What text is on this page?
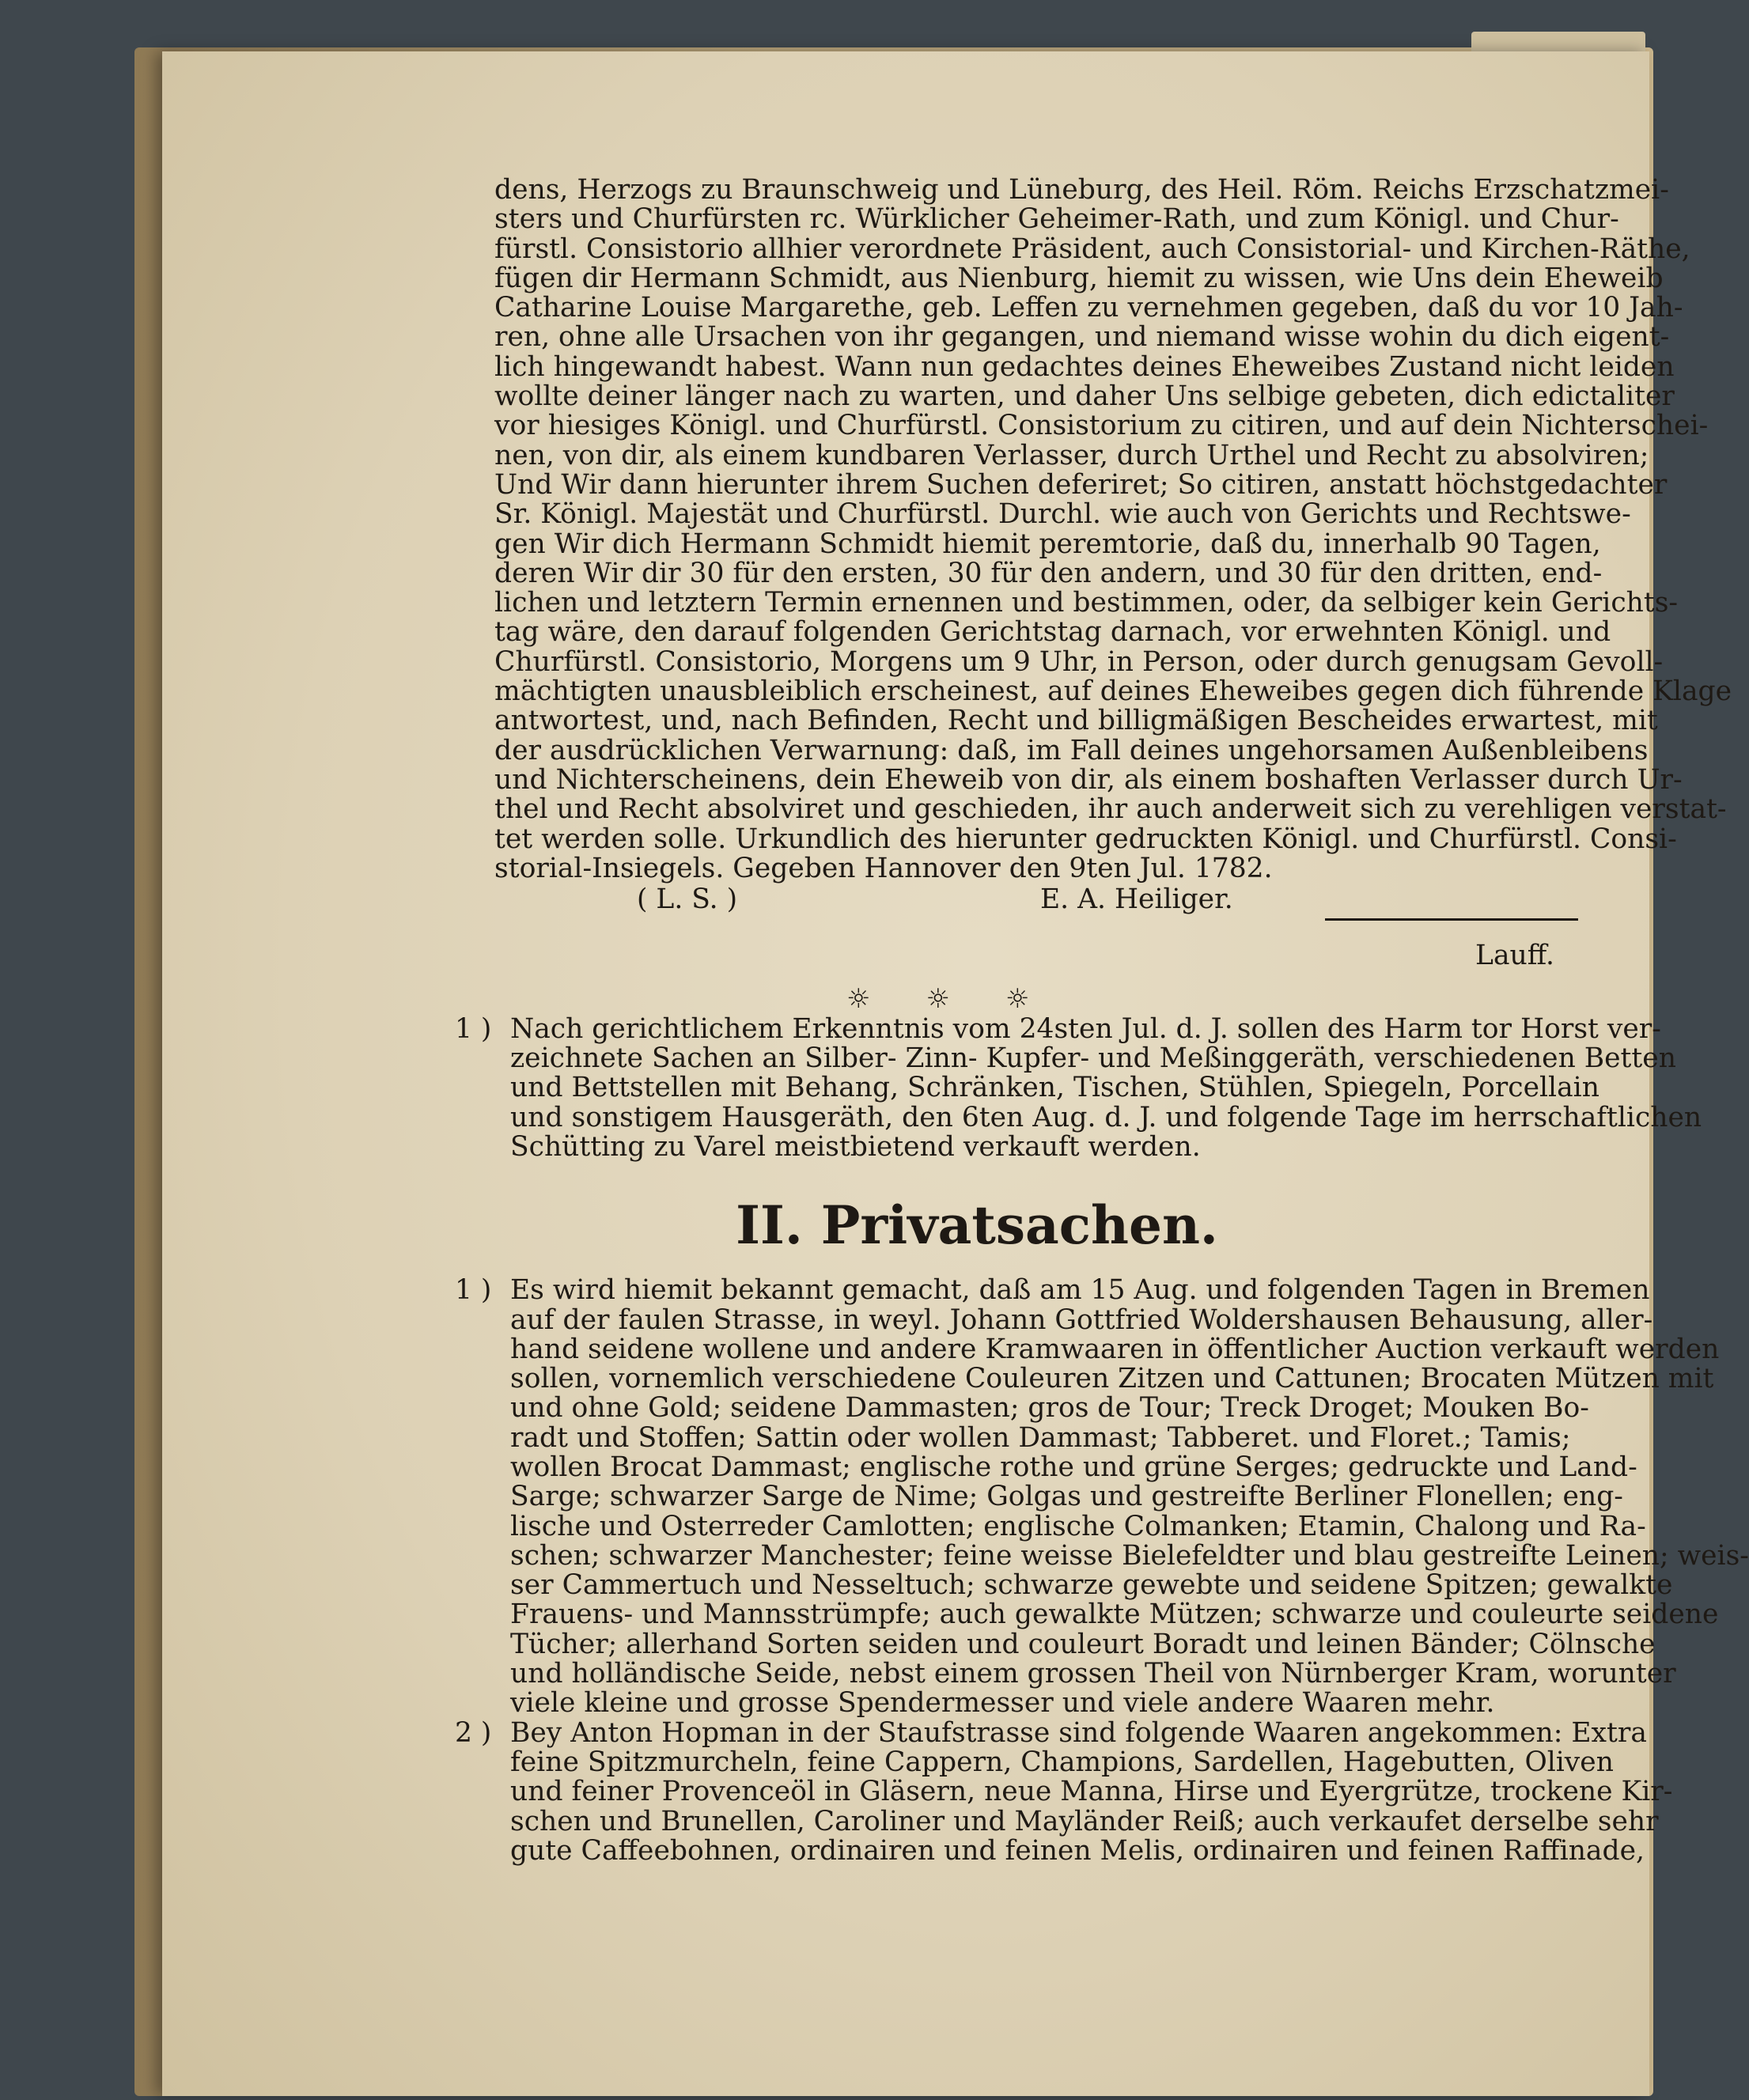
dens, Herzogs zu Braunschweig und Lüneburg, des Heil. Röm. Reichs Erzschatzmei-
sters und Churfürsten rc. Würklicher Geheimer-Rath, und zum Königl. und Chur-
fürstl. Consistorio allhier verordnete Präsident, auch Consistorial- und Kirchen-Räthe,
fügen dir Hermann Schmidt, aus Nienburg, hiemit zu wissen, wie Uns dein Eheweib
Catharine Louise Margarethe, geb. Leffen zu vernehmen gegeben, daß du vor 10 Jah-
ren, ohne alle Ursachen von ihr gegangen, und niemand wisse wohin du dich eigent-
lich hingewandt habest. Wann nun gedachtes deines Eheweibes Zustand nicht leiden
wollte deiner länger nach zu warten, und daher Uns selbige gebeten, dich edictaliter
vor hiesiges Königl. und Churfürstl. Consistorium zu citiren, und auf dein Nichterschei-
nen, von dir, als einem kundbaren Verlasser, durch Urthel und Recht zu absolviren;
Und Wir dann hierunter ihrem Suchen deferiret; So citiren, anstatt höchstgedachter
Sr. Königl. Majestät und Churfürstl. Durchl. wie auch von Gerichts und Rechtswe-
gen Wir dich Hermann Schmidt hiemit peremtorie, daß du, innerhalb 90 Tagen,
deren Wir dir 30 für den ersten, 30 für den andern, und 30 für den dritten, end-
lichen und letztern Termin ernennen und bestimmen, oder, da selbiger kein Gerichts-
tag wäre, den darauf folgenden Gerichtstag darnach, vor erwehnten Königl. und
Churfürstl. Consistorio, Morgens um 9 Uhr, in Person, oder durch genugsam Gevoll-
mächtigten unausbleiblich erscheinest, auf deines Eheweibes gegen dich führende Klage
antwortest, und, nach Befinden, Recht und billigmäßigen Bescheides erwartest, mit
der ausdrücklichen Verwarnung: daß, im Fall deines ungehorsamen Außenbleibens
und Nichterscheinens, dein Eheweib von dir, als einem boshaften Verlasser durch Ur-
thel und Recht absolviret und geschieden, ihr auch anderweit sich zu verehligen verstat-
tet werden solle. Urkundlich des hierunter gedruckten Königl. und Churfürstl. Consi-
storial-Insiegels. Gegeben Hannover den 9ten Jul. 1782.

( L. S. )	E. A. Heiliger.
Lauff.
☼☼☼
1 ) Nach gerichtlichem Erkenntnis vom 24sten Jul. d. J. sollen des Harm tor Horst ver-
zeichnete Sachen an Silber- Zinn- Kupfer- und Meßinggeräth, verschiedenen Betten
und Bettstellen mit Behang, Schränken, Tischen, Stühlen, Spiegeln, Porcellain
und sonstigem Hausgeräth, den 6ten Aug. d. J. und folgende Tage im herrschaftlichen
Schütting zu Varel meistbietend verkauft werden.

II. Privatsachen.
1 ) Es wird hiemit bekannt gemacht, daß am 15 Aug. und folgenden Tagen in Bremen
auf der faulen Strasse, in weyl. Johann Gottfried Woldershausen Behausung, aller-
hand seidene wollene und andere Kramwaaren in öffentlicher Auction verkauft werden
sollen, vornemlich verschiedene Couleuren Zitzen und Cattunen; Brocaten Mützen mit
und ohne Gold; seidene Dammasten; gros de Tour; Treck Droget; Mouken Bo-
radt und Stoffen; Sattin oder wollen Dammast; Tabberet. und Floret.; Tamis;
wollen Brocat Dammast; englische rothe und grüne Serges; gedruckte und Land-
Sarge; schwarzer Sarge de Nime; Golgas und gestreifte Berliner Flonellen; eng-
lische und Osterreder Camlotten; englische Colmanken; Etamin, Chalong und Ra-
schen; schwarzer Manchester; feine weisse Bielefeldter und blau gestreifte Leinen; weis-
ser Cammertuch und Nesseltuch; schwarze gewebte und seidene Spitzen; gewalkte
Frauens- und Mannsstrümpfe; auch gewalkte Mützen; schwarze und couleurte seidene
Tücher; allerhand Sorten seiden und couleurt Boradt und leinen Bänder; Cölnsche
und holländische Seide, nebst einem grossen Theil von Nürnberger Kram, worunter
viele kleine und grosse Spendermesser und viele andere Waaren mehr.

2 ) Bey Anton Hopman in der Staufstrasse sind folgende Waaren angekommen: Extra
feine Spitzmurcheln, feine Cappern, Champions, Sardellen, Hagebutten, Oliven
und feiner Provenceöl in Gläsern, neue Manna, Hirse und Eyergrütze, trockene Kir-
schen und Brunellen, Caroliner und Mayländer Reiß; auch verkaufet derselbe sehr
gute Caffeebohnen, ordinairen und feinen Melis, ordinairen und feinen Raffinade,
